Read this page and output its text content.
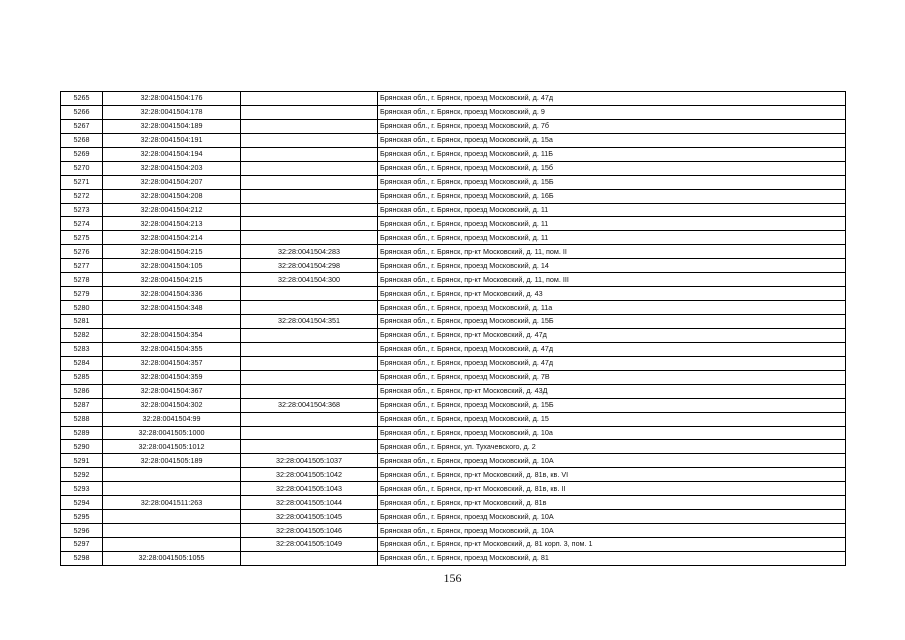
5265	32:28:0041504:176		Брянская обл., г. Брянск, проезд Московский, д. 47д
5266	32:28:0041504:178		Брянская обл., г. Брянск, проезд Московский, д. 9
5267	32:28:0041504:189		Брянская обл., г. Брянск, проезд Московский, д. 7б
5268	32:28:0041504:191		Брянская обл., г. Брянск, проезд Московский, д. 15а
5269	32:28:0041504:194		Брянская обл., г. Брянск, проезд Московский, д. 11Б
5270	32:28:0041504:203		Брянская обл., г. Брянск, проезд Московский, д. 15б
5271	32:28:0041504:207		Брянская обл., г. Брянск, проезд Московский, д. 15Б
5272	32:28:0041504:208		Брянская обл., г. Брянск, проезд Московский, д. 16Б
5273	32:28:0041504:212		Брянская обл., г. Брянск, проезд Московский, д. 11
5274	32:28:0041504:213		Брянская обл., г. Брянск, проезд Московский, д. 11
5275	32:28:0041504:214		Брянская обл., г. Брянск, проезд Московский, д. 11
5276	32:28:0041504:215	32:28:0041504:283	Брянская обл., г. Брянск, пр-кт Московский, д. 11, пом. II
5277	32:28:0041504:105	32:28:0041504:298	Брянская обл., г. Брянск, проезд Московский, д. 14
5278	32:28:0041504:215	32:28:0041504:300	Брянская обл., г. Брянск, пр-кт Московский, д. 11, пом. III
5279	32:28:0041504:336		Брянская обл., г. Брянск, пр-кт Московский, д. 43
5280	32:28:0041504:348		Брянская обл., г. Брянск, проезд Московский, д. 11а
5281		32:28:0041504:351	Брянская обл., г. Брянск, проезд Московский, д. 15Б
5282	32:28:0041504:354		Брянская обл., г. Брянск, пр-кт Московский, д. 47д
5283	32:28:0041504:355		Брянская обл., г. Брянск, проезд Московский, д. 47д
5284	32:28:0041504:357		Брянская обл., г. Брянск, проезд Московский, д. 47д
5285	32:28:0041504:359		Брянская обл., г. Брянск, проезд Московский, д. 7В
5286	32:28:0041504:367		Брянская обл., г. Брянск, пр-кт Московский, д. 43Д
5287	32:28:0041504:302	32:28:0041504:368	Брянская обл., г. Брянск, проезд Московский, д. 15Б
5288	32:28:0041504:99		Брянская обл., г. Брянск, проезд Московский, д. 15
5289	32:28:0041505:1000		Брянская обл., г. Брянск, проезд Московский, д. 10а
5290	32:28:0041505:1012		Брянская обл., г. Брянск, ул. Тухачевского, д. 2
5291	32:28:0041505:189	32:28:0041505:1037	Брянская обл., г. Брянск, проезд Московский, д. 10А
5292		32:28:0041505:1042	Брянская обл., г. Брянск, пр-кт Московский, д. 81в, кв. VI
5293		32:28:0041505:1043	Брянская обл., г. Брянск, пр-кт Московский, д. 81в, кв. II
5294	32:28:0041511:263	32:28:0041505:1044	Брянская обл., г. Брянск, пр-кт Московский, д. 81в
5295		32:28:0041505:1045	Брянская обл., г. Брянск, проезд Московский, д. 10А
5296		32:28:0041505:1046	Брянская обл., г. Брянск, проезд Московский, д. 10А
5297		32:28:0041505:1049	Брянская обл., г. Брянск, пр-кт Московский, д. 81 корп. 3, пом. 1
5298	32:28:0041505:1055		Брянская обл., г. Брянск, проезд Московский, д. 81
156
